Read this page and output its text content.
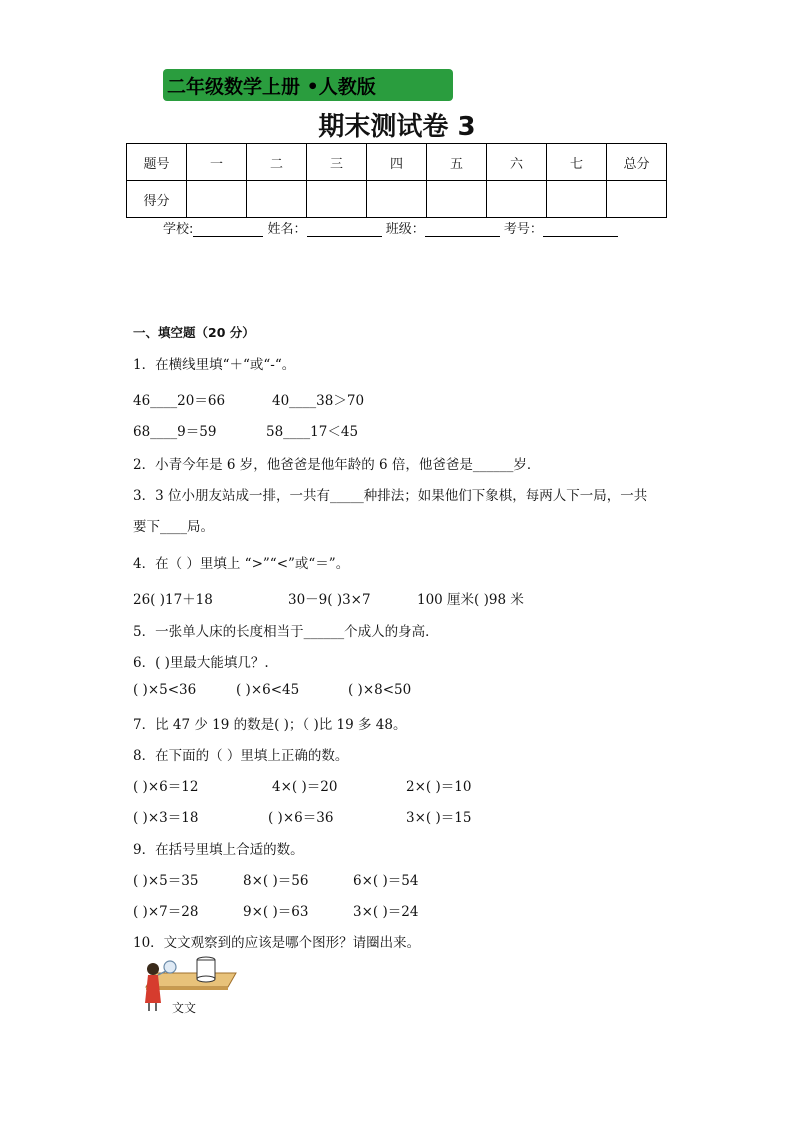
二年级数学上册 •人教版
期末测试卷 3
题号	一	二	三	四	五	六	七	总分
得分								
学校:	姓名：	班级：	考号：
一、填空题（20 分）
1．在横线里填“＋“或“-“。
46____20＝66	40____38＞70
68____9＝59	58____17＜45
2．小青今年是 6 岁，他爸爸是他年龄的 6 倍，他爸爸是______岁．
3．3 位小朋友站成一排，一共有_____种排法；如果他们下象棋，每两人下一局，一共
要下____局。
4．在（ ）里填上 “>”“<”或“＝”。
26( )17＋18	30－9( )3×7	100 厘米( )98 米
5．一张单人床的长度相当于______个成人的身高．
6．( )里最大能填几？.
( )×5<36	( )×6<45	( )×8<50
7．比 47 少 19 的数是( )；（ )比 19 多 48。
8．在下面的（ ）里填上正确的数。
( )×6＝12	4×( )＝20	2×( )＝10
( )×3＝18	( )×6＝36	3×( )＝15
9．在括号里填上合适的数。
( )×5＝35	8×( )＝56	6×( )＝54
( )×7＝28	9×( )＝63	3×( )＝24
10．文文观察到的应该是哪个图形？请圈出来。
文文
